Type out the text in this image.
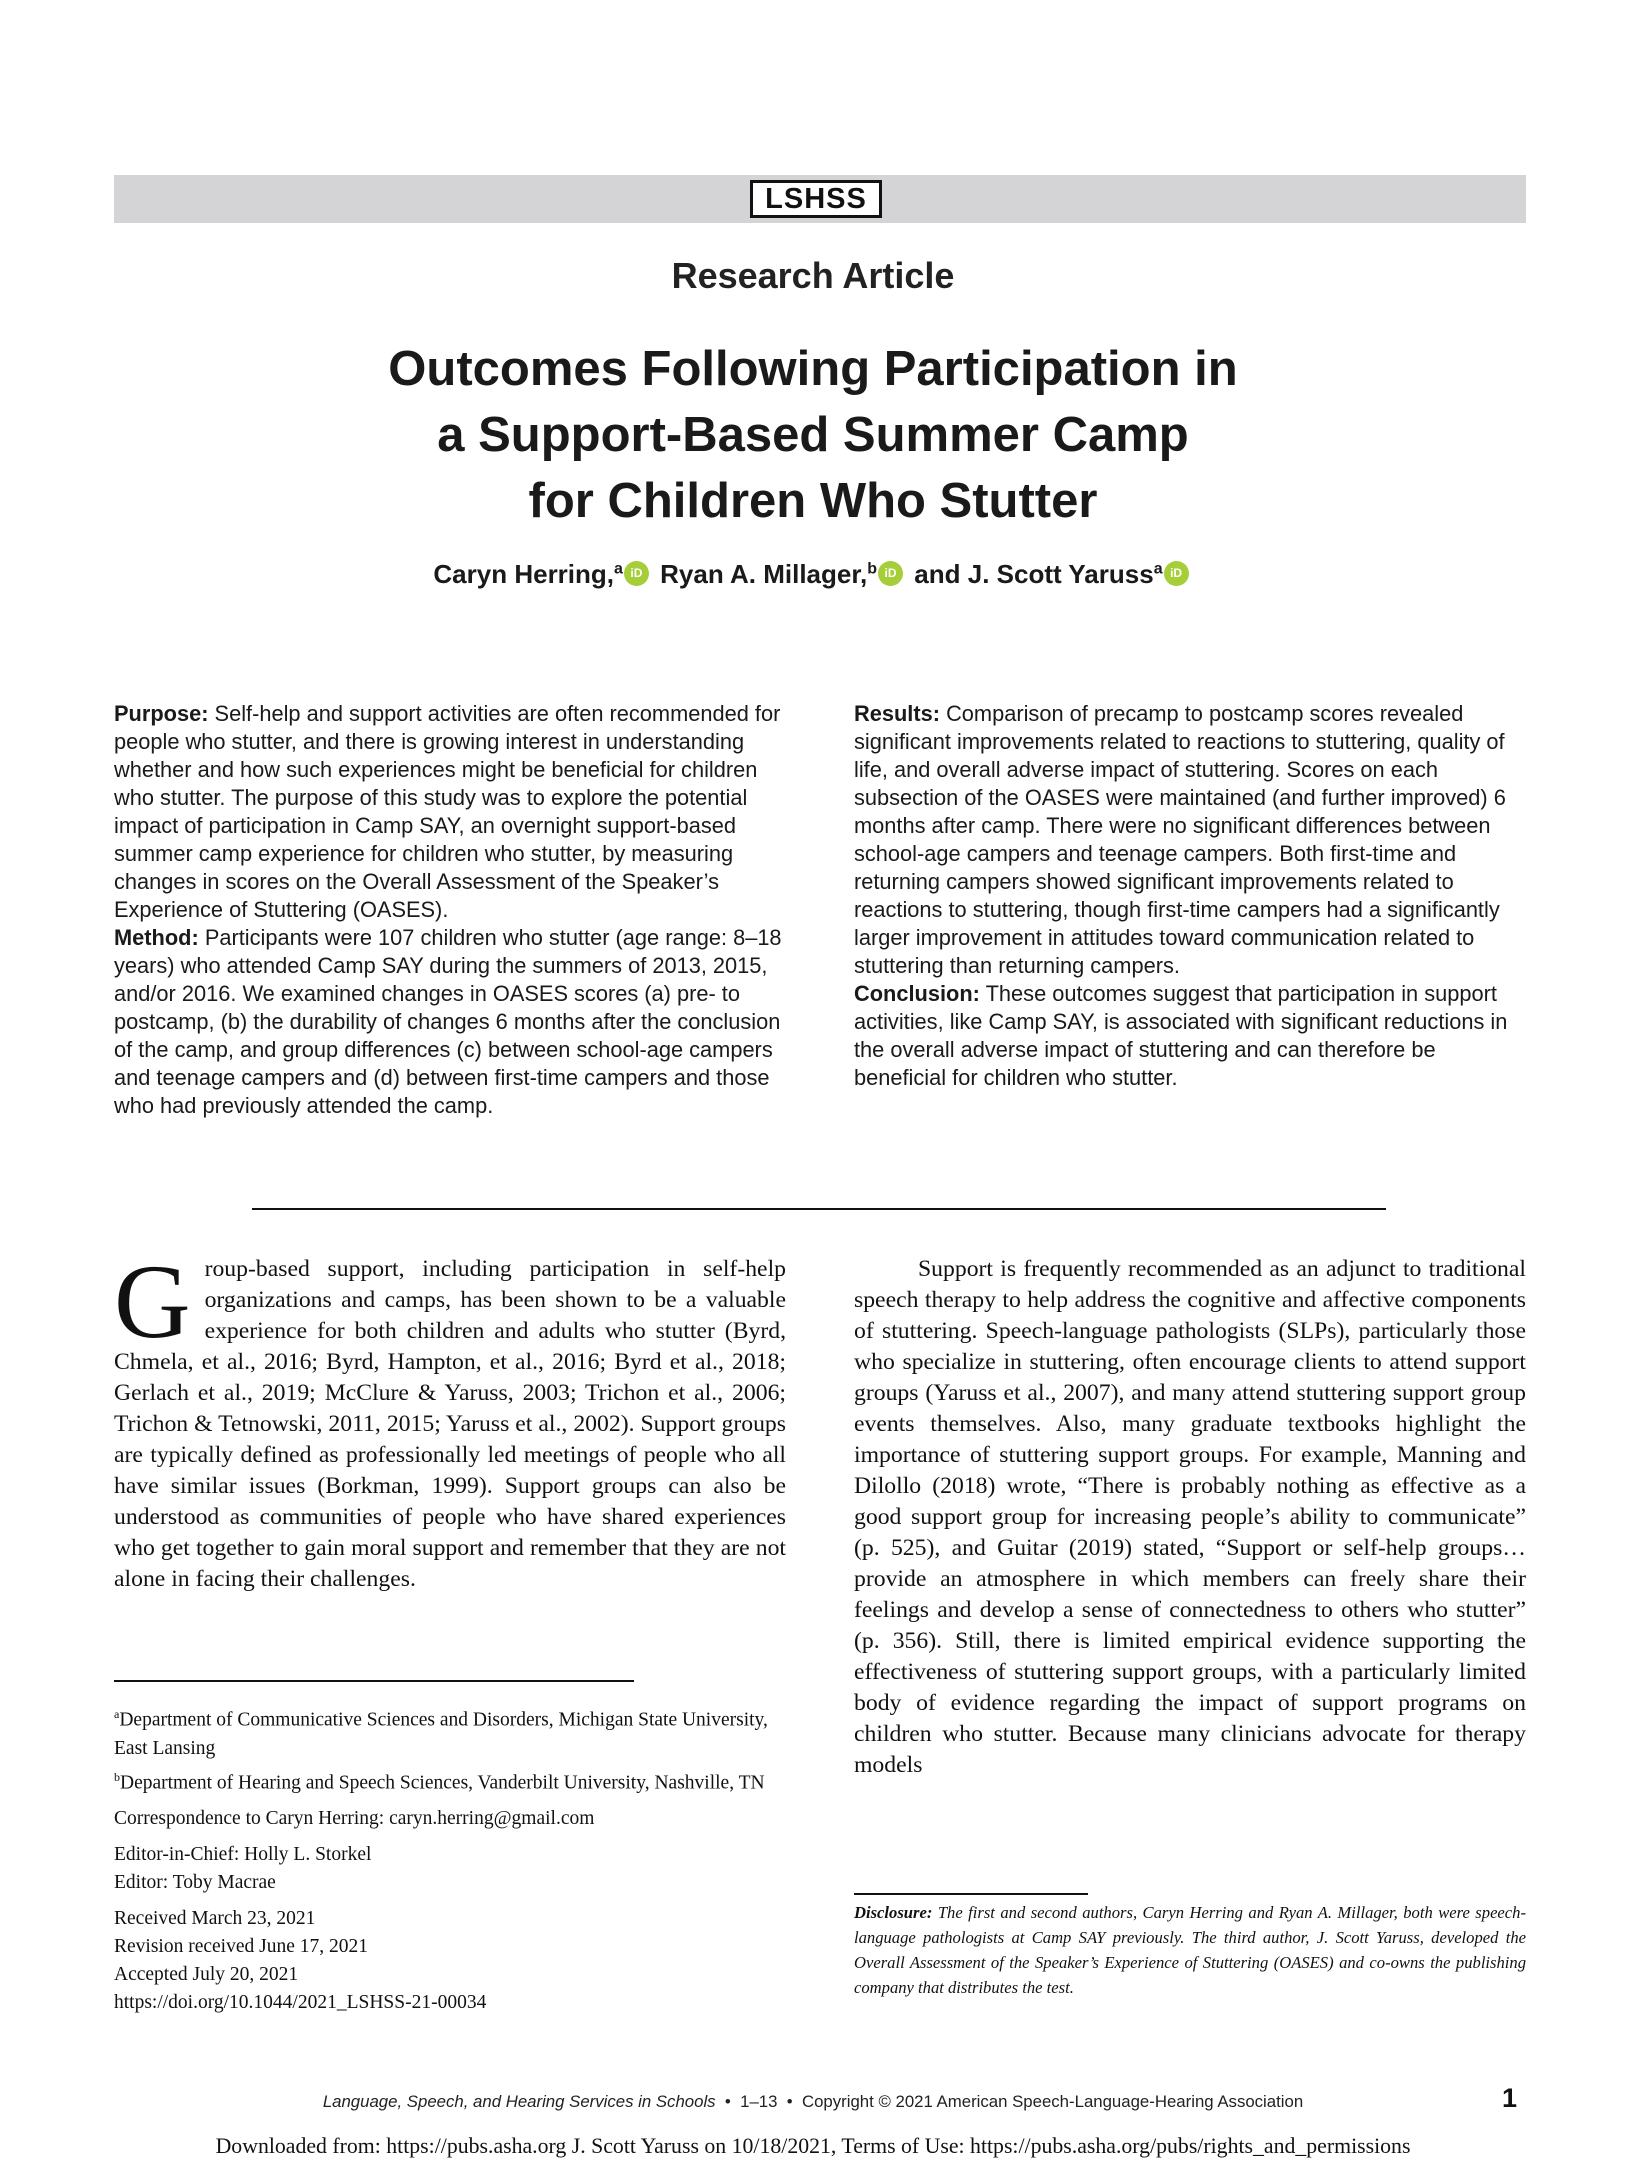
LSHSS
Research Article
Outcomes Following Participation in
a Support-Based Summer Camp
for Children Who Stutter
Caryn Herring,$^a$ iD Ryan A. Millager,$^b$ iD and J. Scott Yaruss$^a$ iD

Purpose: Self-help and support activities are often recommended for people who stutter, and there is growing interest in understanding whether and how such experiences might be beneficial for children who stutter. The purpose of this study was to explore the potential impact of participation in Camp SAY, an overnight support-based summer camp experience for children who stutter, by measuring changes in scores on the Overall Assessment of the Speaker’s Experience of Stuttering (OASES).

Method: Participants were 107 children who stutter (age range: 8–18 years) who attended Camp SAY during the summers of 2013, 2015, and/or 2016. We examined changes in OASES scores (a) pre- to postcamp, (b) the durability of changes 6 months after the conclusion of the camp, and group differences (c) between school-age campers and teenage campers and (d) between first-time campers and those who had previously attended the camp.

Results: Comparison of precamp to postcamp scores revealed significant improvements related to reactions to stuttering, quality of life, and overall adverse impact of stuttering. Scores on each subsection of the OASES were maintained (and further improved) 6 months after camp. There were no significant differences between school-age campers and teenage campers. Both first-time and returning campers showed significant improvements related to reactions to stuttering, though first-time campers had a significantly larger improvement in attitudes toward communication related to stuttering than returning campers.

Conclusion: These outcomes suggest that participation in support activities, like Camp SAY, is associated with significant reductions in the overall adverse impact of stuttering and can therefore be beneficial for children who stutter.

Group-based support, including participation in self-help organizations and camps, has been shown to be a valuable experience for both children and adults who stutter (Byrd, Chmela, et al., 2016; Byrd, Hampton, et al., 2016; Byrd et al., 2018; Gerlach et al., 2019; McClure & Yaruss, 2003; Trichon et al., 2006; Trichon & Tetnowski, 2011, 2015; Yaruss et al., 2002). Support groups are typically defined as professionally led meetings of people who all have similar issues (Borkman, 1999). Support groups can also be understood as communities of people who have shared experiences who get together to gain moral support and remember that they are not alone in facing their challenges.

Support is frequently recommended as an adjunct to traditional speech therapy to help address the cognitive and affective components of stuttering. Speech-language pathologists (SLPs), particularly those who specialize in stuttering, often encourage clients to attend support groups (Yaruss et al., 2007), and many attend stuttering support group events themselves. Also, many graduate textbooks highlight the importance of stuttering support groups. For example, Manning and Dilollo (2018) wrote, “There is probably nothing as effective as a good support group for increasing people’s ability to communicate” (p. 525), and Guitar (2019) stated, “Support or self-help groups…provide an atmosphere in which members can freely share their feelings and develop a sense of connectedness to others who stutter” (p. 356). Still, there is limited empirical evidence supporting the effectiveness of stuttering support groups, with a particularly limited body of evidence regarding the impact of support programs on children who stutter. Because many clinicians advocate for therapy models

$^a$Department of Communicative Sciences and Disorders, Michigan State University, East Lansing
$^b$Department of Hearing and Speech Sciences, Vanderbilt University, Nashville, TN
Correspondence to Caryn Herring: caryn.herring@gmail.com
Editor-in-Chief: Holly L. Storkel
Editor: Toby Macrae
Received March 23, 2021
Revision received June 17, 2021
Accepted July 20, 2021
https://doi.org/10.1044/2021_LSHSS-21-00034
Disclosure: The first and second authors, Caryn Herring and Ryan A. Millager, both were speech-language pathologists at Camp SAY previously. The third author, J. Scott Yaruss, developed the Overall Assessment of the Speaker’s Experience of Stuttering (OASES) and co-owns the publishing company that distributes the test.
Language, Speech, and Hearing Services in Schools  •  1–13  •  Copyright © 2021 American Speech-Language-Hearing Association	1
Downloaded from: https://pubs.asha.org J. Scott Yaruss on 10/18/2021, Terms of Use: https://pubs.asha.org/pubs/rights_and_permissions
